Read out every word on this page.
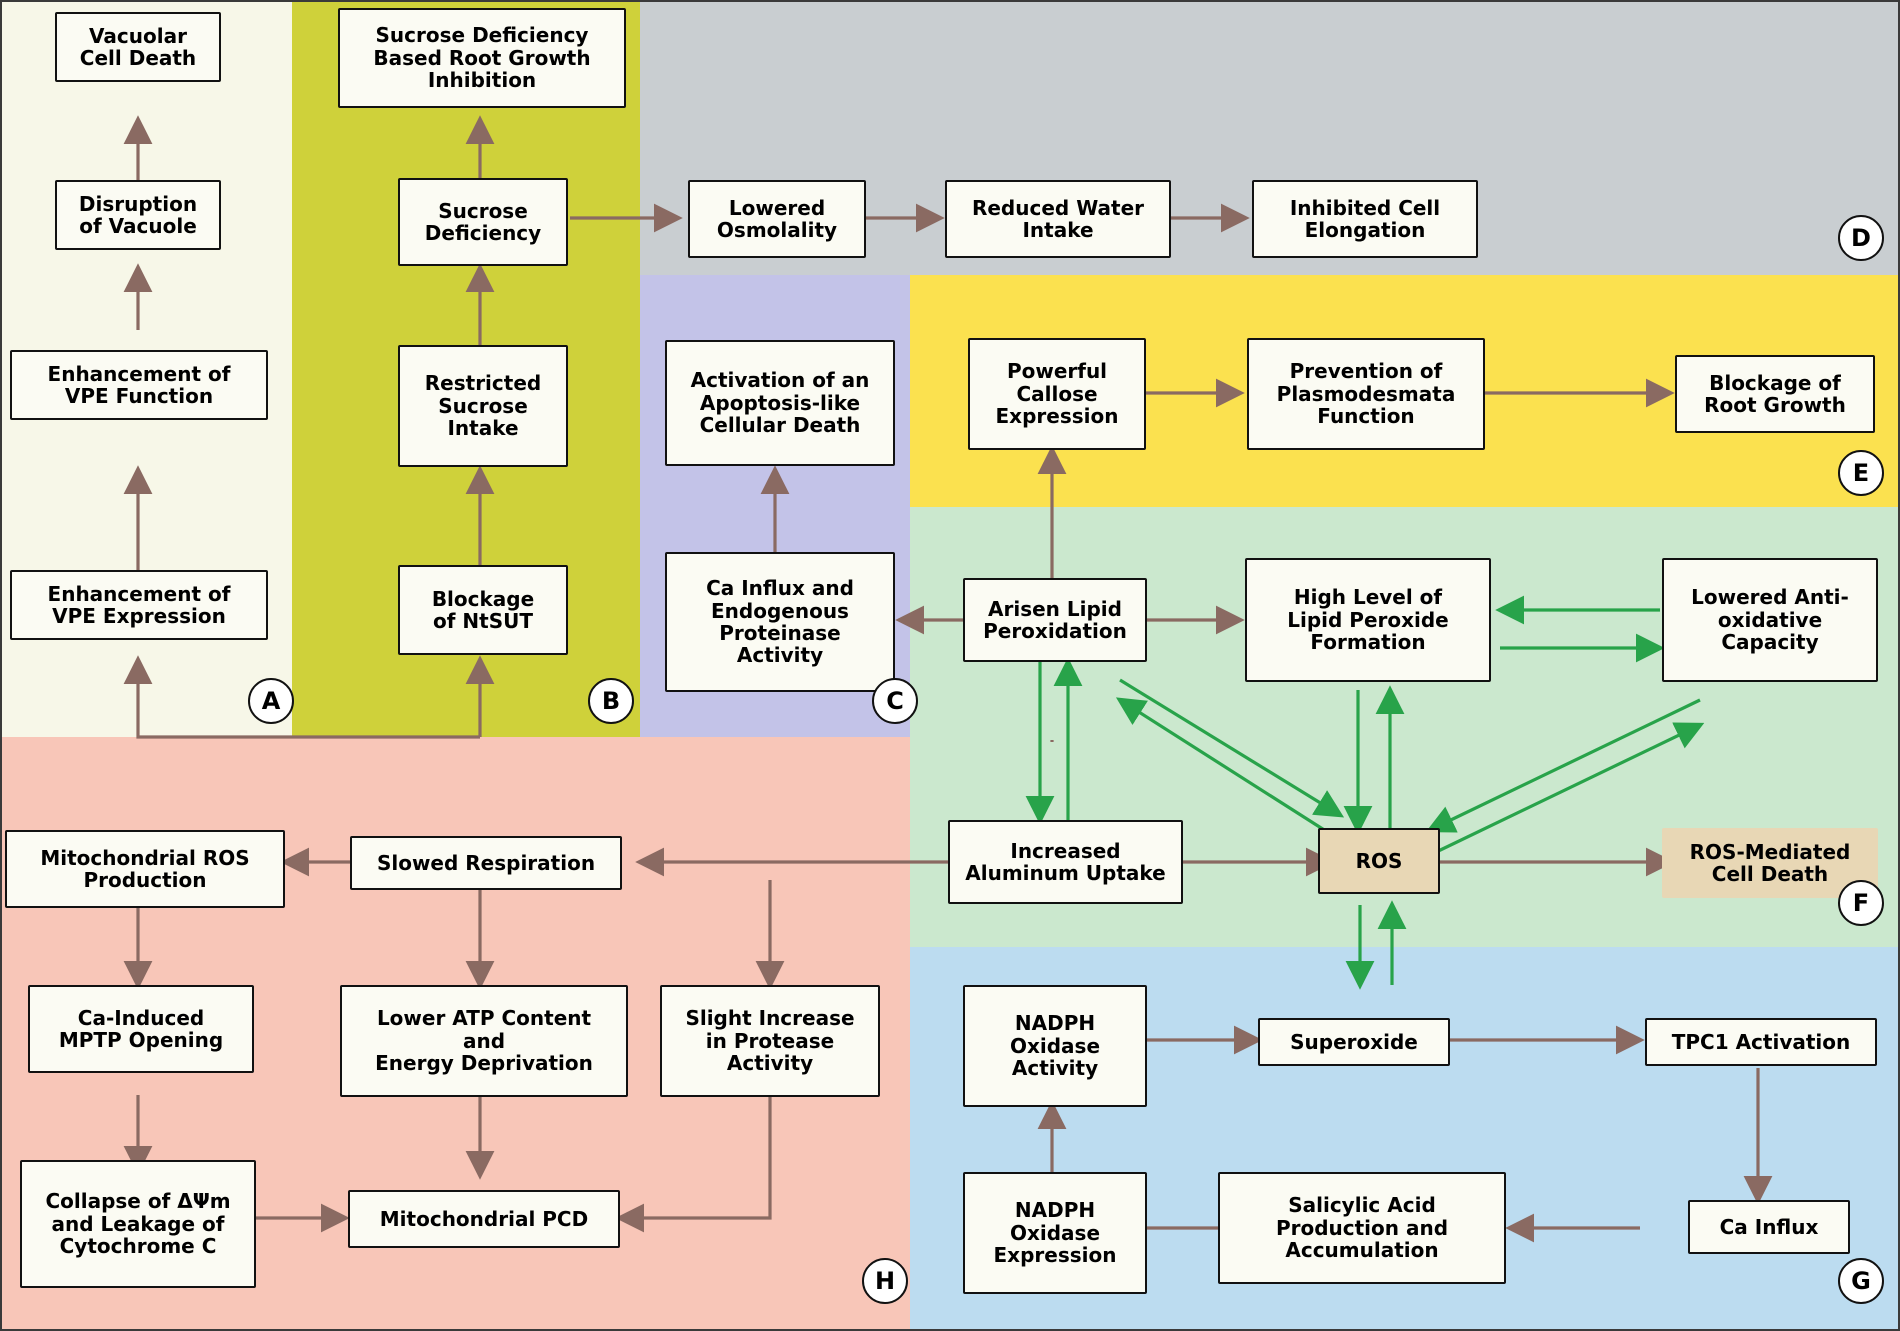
Vacuolar
Cell Death
Disruption
of Vacuole
Enhancement of
VPE Function
Enhancement of
VPE Expression
Sucrose Deficiency
Based Root Growth
Inhibition
Sucrose
Deficiency
Restricted
Sucrose
Intake
Blockage
of NtSUT
Activation of an
Apoptosis-like
Cellular Death
Ca Influx and
Endogenous
Proteinase
Activity
Lowered
Osmolality
Reduced Water
Intake
Inhibited Cell
Elongation
Powerful
Callose
Expression
Prevention of
Plasmodesmata
Function
Blockage of
Root Growth
Arisen Lipid
Peroxidation
High Level of
Lipid Peroxide
Formation
Lowered Anti-
oxidative
Capacity
Increased
Aluminum Uptake
ROS	ROS-Mediated
Cell Death
NADPH
Oxidase
Activity
Superoxide	TPC1 Activation
NADPH
Oxidase
Expression
Salicylic Acid
Production and
Accumulation
Ca Influx
Mitochondrial ROS
Production
Slowed Respiration
Ca-Induced
MPTP Opening
Lower ATP Content
and
Energy Deprivation
Slight Increase
in Protease
Activity
Collapse of ΔΨm
and Leakage of
Cytochrome C
Mitochondrial PCD
A	B	C
D
E
F
G
H
